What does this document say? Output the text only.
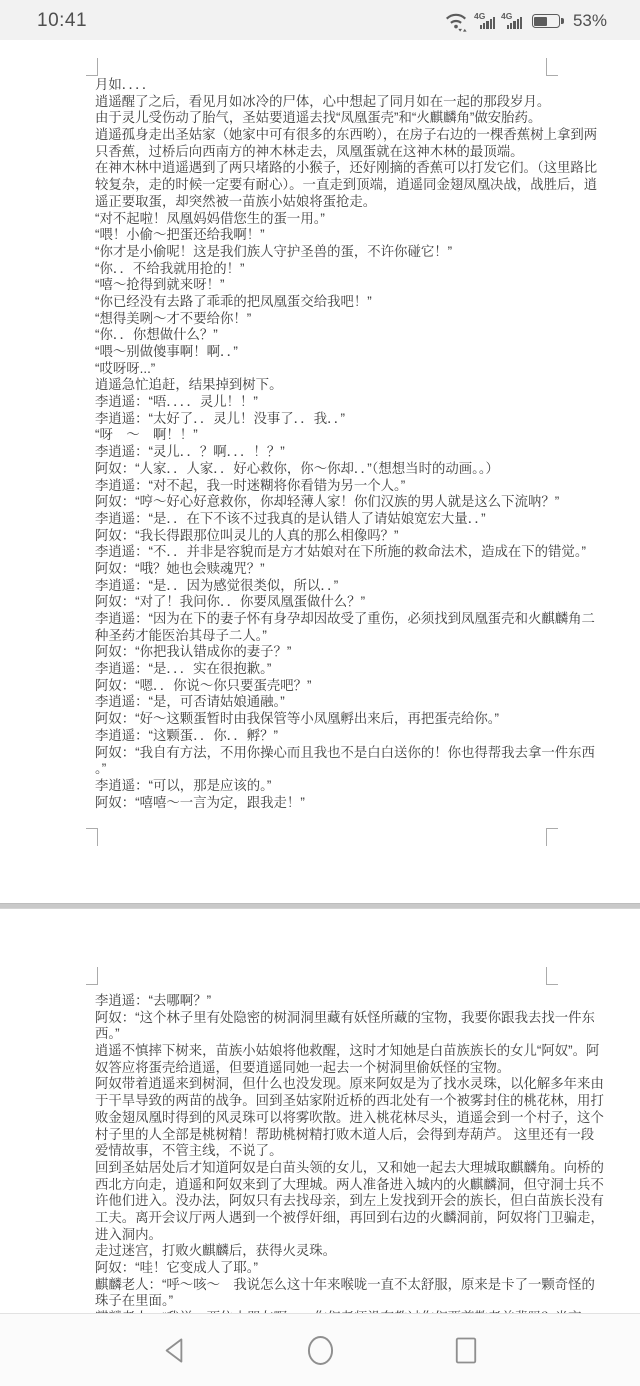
10:41	4G 4G	53%
月如．．．．
逍遥醒了之后，看见月如冰冷的尸体，心中想起了同月如在一起的那段岁月。
由于灵儿受伤动了胎气，圣姑要逍遥去找“凤凰蛋壳”和“火麒麟角”做安胎药。
逍遥孤身走出圣姑家（她家中可有很多的东西哟），在房子右边的一棵香蕉树上拿到两
只香蕉，过桥后向西南方的神木林走去，凤凰蛋就在这神木林的最顶端。
在神木林中逍遥遇到了两只堵路的小猴子，还好刚摘的香蕉可以打发它们。（这里路比
较复杂，走的时候一定要有耐心）。一直走到顶端，逍遥同金翅凤凰决战，战胜后，逍
遥正要取蛋，却突然被一苗族小姑娘将蛋抢走。
“对不起啦！凤凰妈妈借您生的蛋一用。”
“喂！小偷～把蛋还给我啊！”
“你才是小偷呢！这是我们族人守护圣兽的蛋，不许你碰它！”
“你．．不给我就用抢的！”
“嘻～抢得到就来呀！”
“你已经没有去路了乖乖的把凤凰蛋交给我吧！”
“想得美咧～才不要给你！”
“你．．你想做什么？”
“喂～别做傻事啊！啊．．”
“哎呀呀...”
逍遥急忙追赶，结果掉到树下。
李逍遥：“唔．．．．灵儿！！”
李逍遥：“太好了．．灵儿！没事了．．我．．”
“呀　～　啊！！”
李逍遥：“灵儿．．？啊．．．！？”
阿奴：“人家．．人家．．好心救你，你～你却．．”（想想当时的动画。。）
李逍遥：“对不起，我一时迷糊将你看错为另一个人。”
阿奴：“哼～好心好意救你，你却轻薄人家！你们汉族的男人就是这么下流呐？”
李逍遥：“是．．在下不该不过我真的是认错人了请姑娘宽宏大量．．”
阿奴：“我长得跟那位叫灵儿的人真的那么相像吗？”
李逍遥：“不．．并非是容貌而是方才姑娘对在下所施的救命法术，造成在下的错觉。”
阿奴：“哦？她也会赎魂咒？”
李逍遥：“是．．因为感觉很类似，所以．．”
阿奴：“对了！我问你．．你要凤凰蛋做什么？”
李逍遥：“因为在下的妻子怀有身孕却因故受了重伤，必须找到凤凰蛋壳和火麒麟角二
种圣药才能医治其母子二人。”
阿奴：“你把我认错成你的妻子？”
李逍遥：“是．．．实在很抱歉。”
阿奴：“嗯．．你说～你只要蛋壳吧？”
李逍遥：“是，可否请姑娘通融。”
阿奴：“好～这颗蛋暂时由我保管等小凤凰孵出来后，再把蛋壳给你。”
李逍遥：“这颗蛋．．你．．孵？”
阿奴：“我自有方法，不用你操心而且我也不是白白送你的！你也得帮我去拿一件东西
。”
李逍遥：“可以，那是应该的。”
阿奴：“嘻嘻～一言为定，跟我走！”
李逍遥：“去哪啊？”
阿奴：“这个林子里有处隐密的树洞洞里藏有妖怪所藏的宝物，我要你跟我去找一件东
西。”
逍遥不慎摔下树来，苗族小姑娘将他救醒，这时才知她是白苗族族长的女儿“阿奴”。阿
奴答应将蛋壳给逍遥，但要逍遥同她一起去一个树洞里偷妖怪的宝物。
阿奴带着逍遥来到树洞，但什么也没发现。原来阿奴是为了找水灵珠，以化解多年来由
于干旱导致的两苗的战争。回到圣姑家附近桥的西北处有一个被雾封住的桃花林，用打
败金翅凤凰时得到的风灵珠可以将雾吹散。进入桃花林尽头，逍遥会到一个村子，这个
村子里的人全部是桃树精！帮助桃树精打败木道人后，会得到寿葫芦。 这里还有一段
爱情故事，不管主线，不说了。
回到圣姑居处后才知道阿奴是白苗头领的女儿，又和她一起去大理城取麒麟角。向桥的
西北方向走，逍遥和阿奴来到了大理城。两人准备进入城内的火麒麟洞，但守洞士兵不
许他们进入。没办法，阿奴只有去找母亲，到左上发找到开会的族长，但白苗族长没有
工夫。离开会议厅两人遇到一个被俘奸细，再回到右边的火麟洞前，阿奴将门卫骗走，
进入洞内。
走过迷宫，打败火麒麟后，获得火灵珠。
阿奴：“哇！它变成人了耶。”
麒麟老人：“呼～咳～　我说怎么这十年来喉咙一直不太舒服，原来是卡了一颗奇怪的
珠子在里面。”
